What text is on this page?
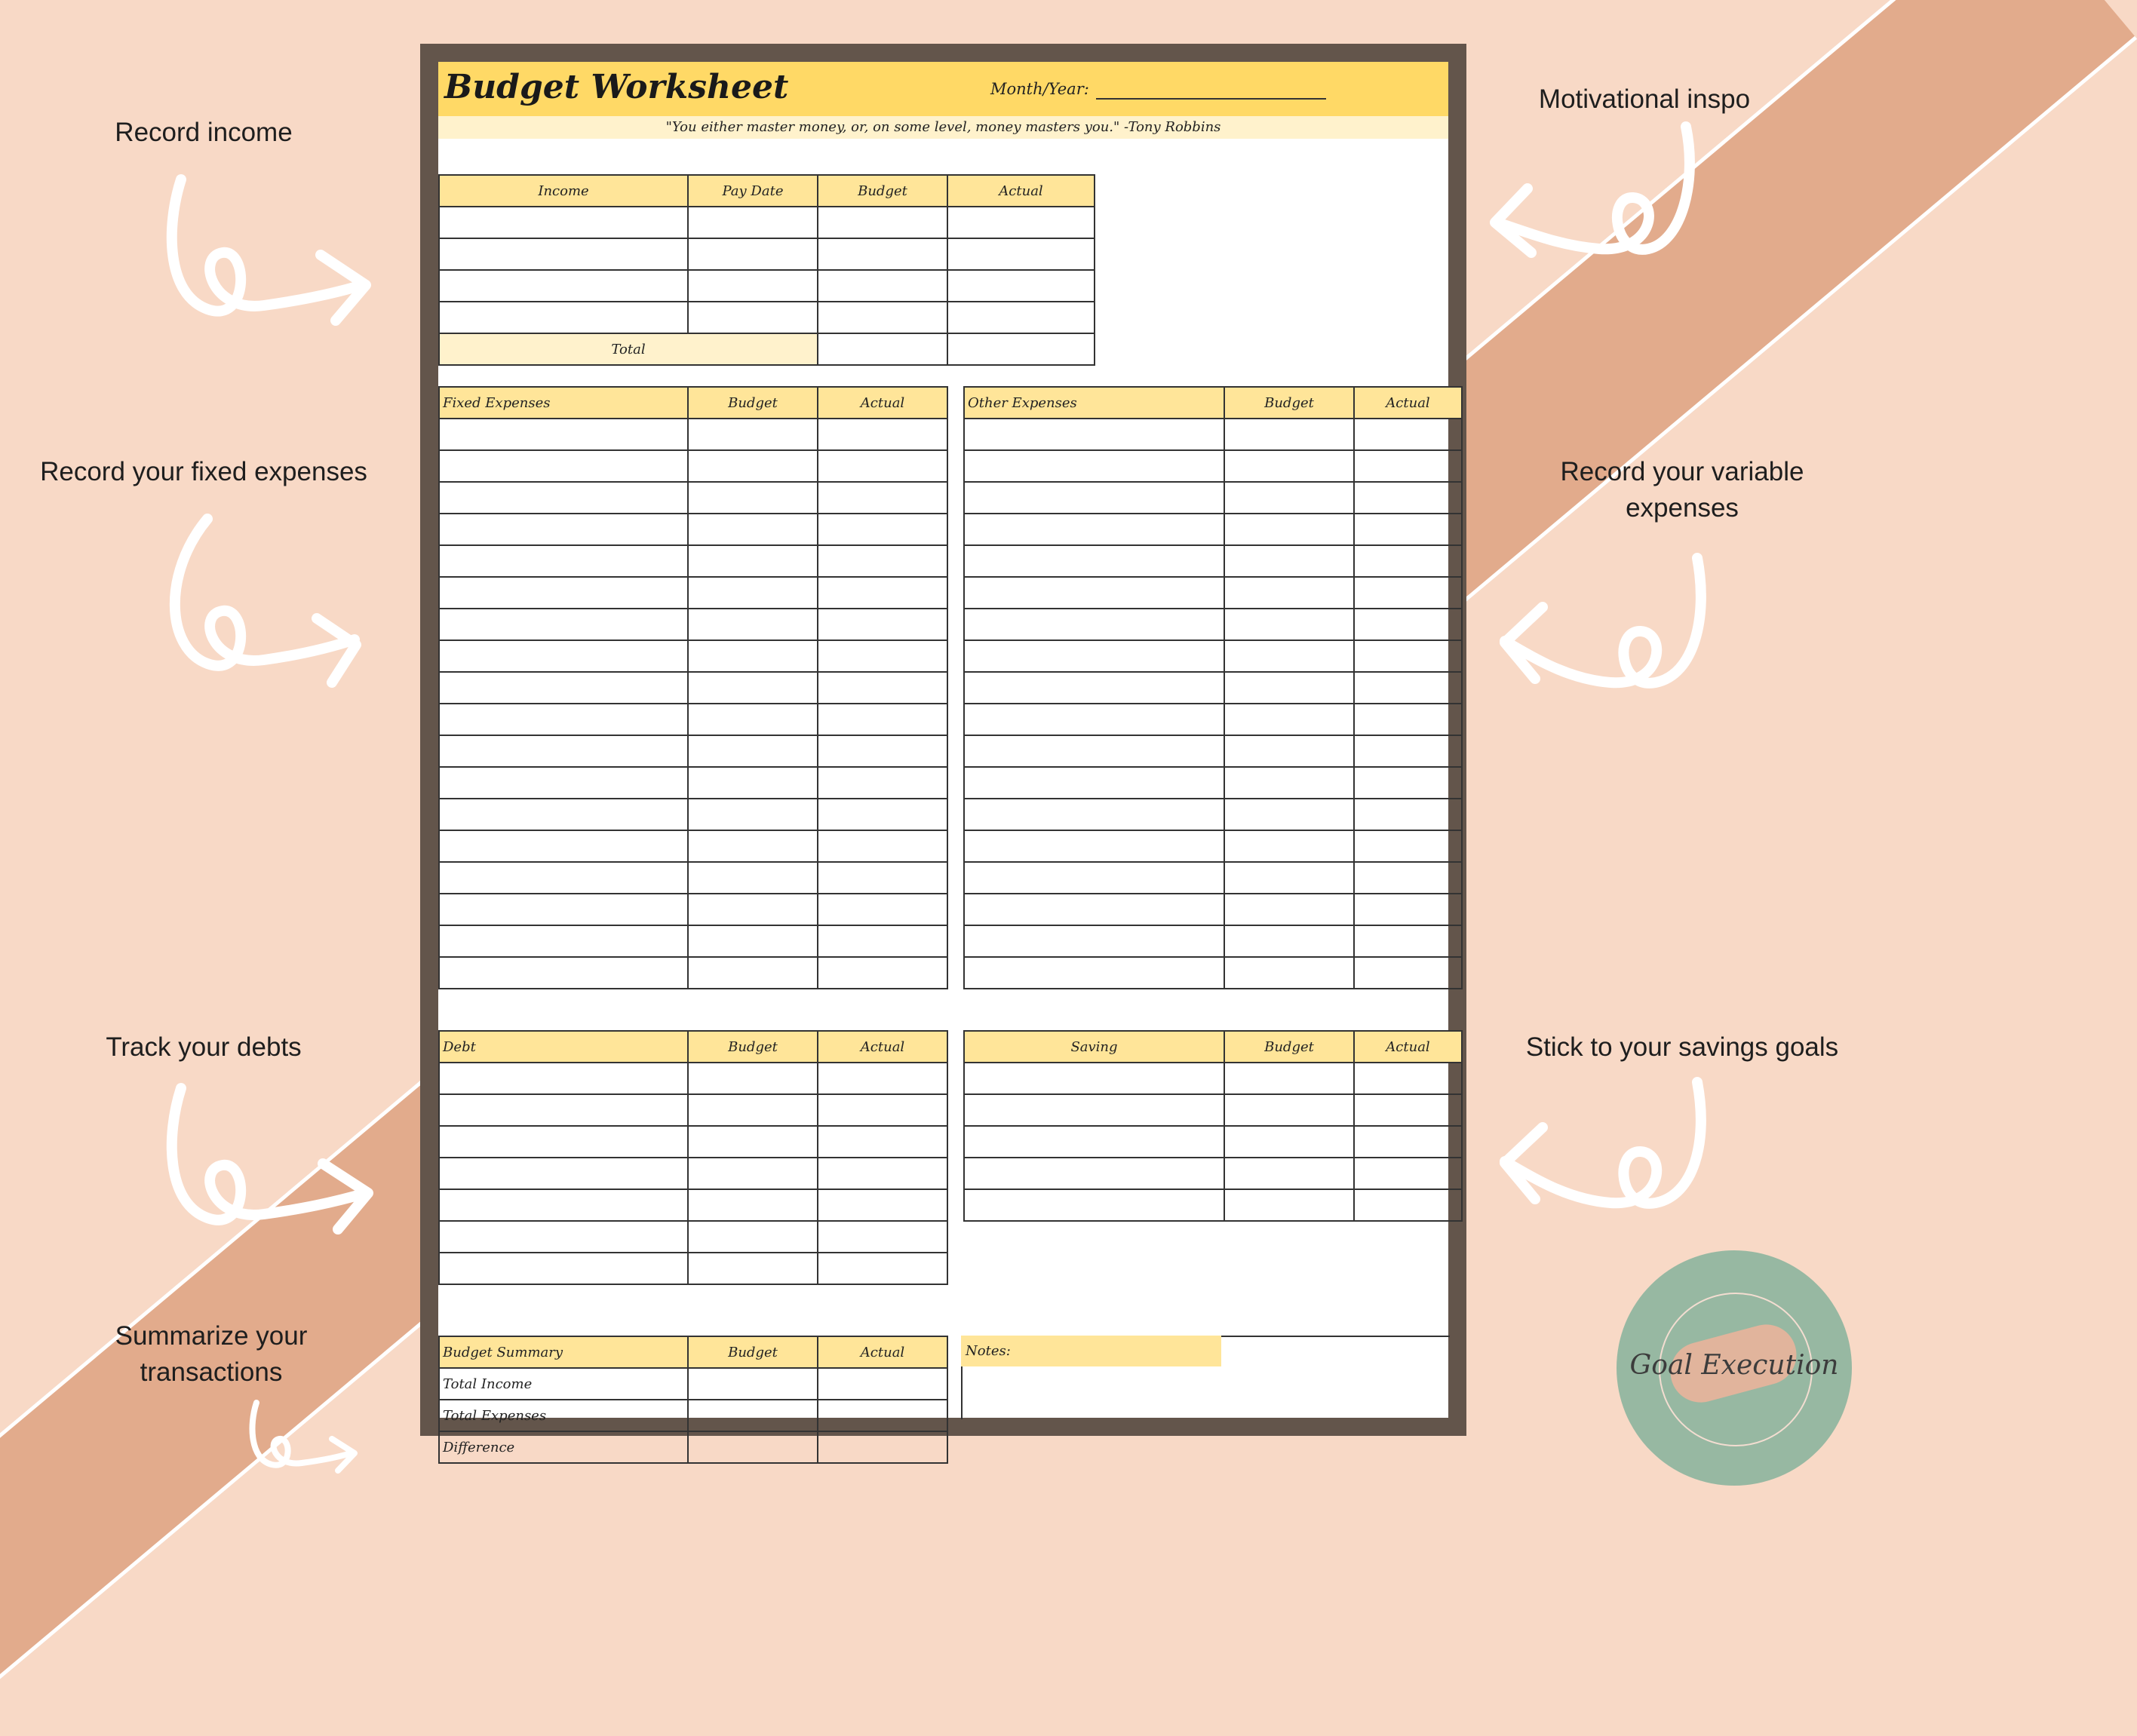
Record income
Record your fixed expenses
Track your debts
Summarize your
transactions
Motivational inspo
Record your variable
expenses
Stick to your savings goals
Budget Worksheet	Month/Year:
"You either master money, or, on some level, money masters you." -Tony Robbins
Income	Pay Date	Budget	Actual

Total			
Fixed Expenses	Budget	Actual

			Other Expenses	Budget	Actual

Debt	Budget	Actual

			Saving	Budget	Actual

Budget Summary	Budget	Actual
Total Income		
Total Expenses		
Difference		
Notes:	Goal Execution
